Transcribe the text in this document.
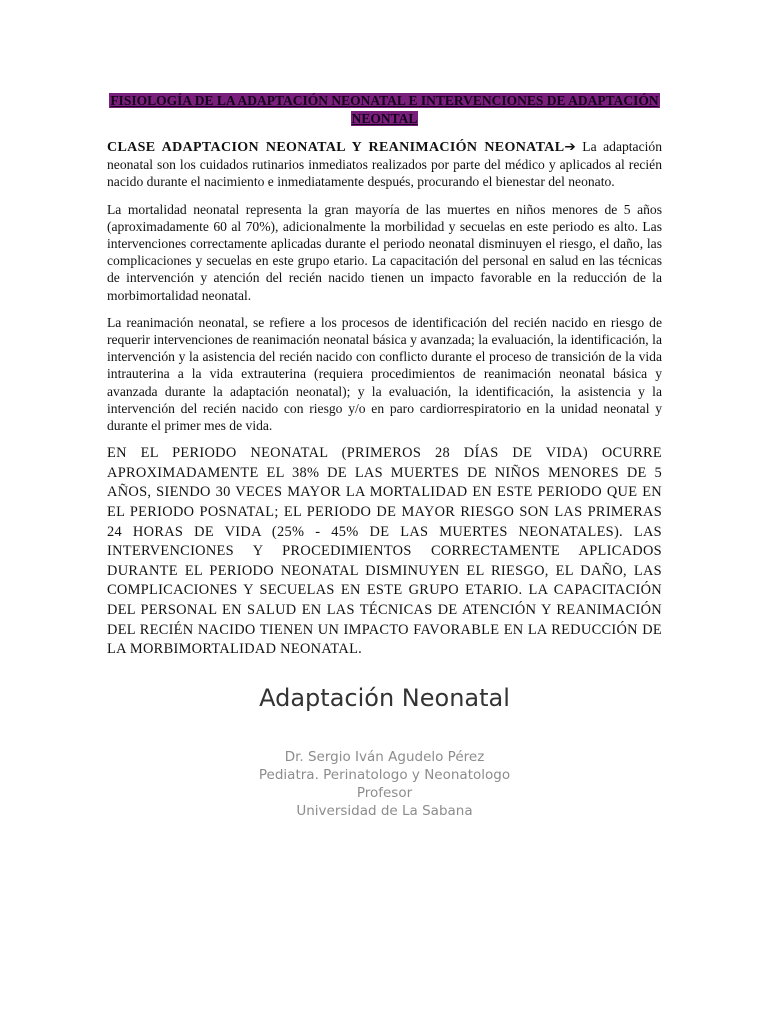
FISIOLOGÍA DE LA ADAPTACIÓN NEONATAL E INTERVENCIONES DE ADAPTACIÓN NEONTAL

CLASE ADAPTACION NEONATAL Y REANIMACIÓN NEONATAL➔ La adaptación neonatal son los cuidados rutinarios inmediatos realizados por parte del médico y aplicados al recién nacido durante el nacimiento e inmediatamente después, procurando el bienestar del neonato.

La mortalidad neonatal representa la gran mayoría de las muertes en niños menores de 5 años (aproximadamente 60 al 70%), adicionalmente la morbilidad y secuelas en este periodo es alto. Las intervenciones correctamente aplicadas durante el periodo neonatal disminuyen el riesgo, el daño, las complicaciones y secuelas en este grupo etario. La capacitación del personal en salud en las técnicas de intervención y atención del recién nacido tienen un impacto favorable en la reducción de la morbimortalidad neonatal.

La reanimación neonatal, se refiere a los procesos de identificación del recién nacido en riesgo de requerir intervenciones de reanimación neonatal básica y avanzada; la evaluación, la identificación, la intervención y la asistencia del recién nacido con conflicto durante el proceso de transición de la vida intrauterina a la vida extrauterina (requiera procedimientos de reanimación neonatal básica y avanzada durante la adaptación neonatal); y la evaluación, la identificación, la asistencia y la intervención del recién nacido con riesgo y/o en paro cardiorrespiratorio en la unidad neonatal y durante el primer mes de vida.

EN EL PERIODO NEONATAL (PRIMEROS 28 DÍAS DE VIDA) OCURRE APROXIMADAMENTE EL 38% DE LAS MUERTES DE NIÑOS MENORES DE 5 AÑOS, SIENDO 30 VECES MAYOR LA MORTALIDAD EN ESTE PERIODO QUE EN EL PERIODO POSNATAL; EL PERIODO DE MAYOR RIESGO SON LAS PRIMERAS 24 HORAS DE VIDA (25% - 45% DE LAS MUERTES NEONATALES). LAS INTERVENCIONES Y PROCEDIMIENTOS CORRECTAMENTE APLICADOS DURANTE EL PERIODO NEONATAL DISMINUYEN EL RIESGO, EL DAÑO, LAS COMPLICACIONES Y SECUELAS EN ESTE GRUPO ETARIO. LA CAPACITACIÓN DEL PERSONAL EN SALUD EN LAS TÉCNICAS DE ATENCIÓN Y REANIMACIÓN DEL RECIÉN NACIDO TIENEN UN IMPACTO FAVORABLE EN LA REDUCCIÓN DE LA MORBIMORTALIDAD NEONATAL.

Adaptación Neonatal
Dr. Sergio Iván Agudelo Pérez
Pediatra. Perinatologo y Neonatologo
Profesor
Universidad de La Sabana
